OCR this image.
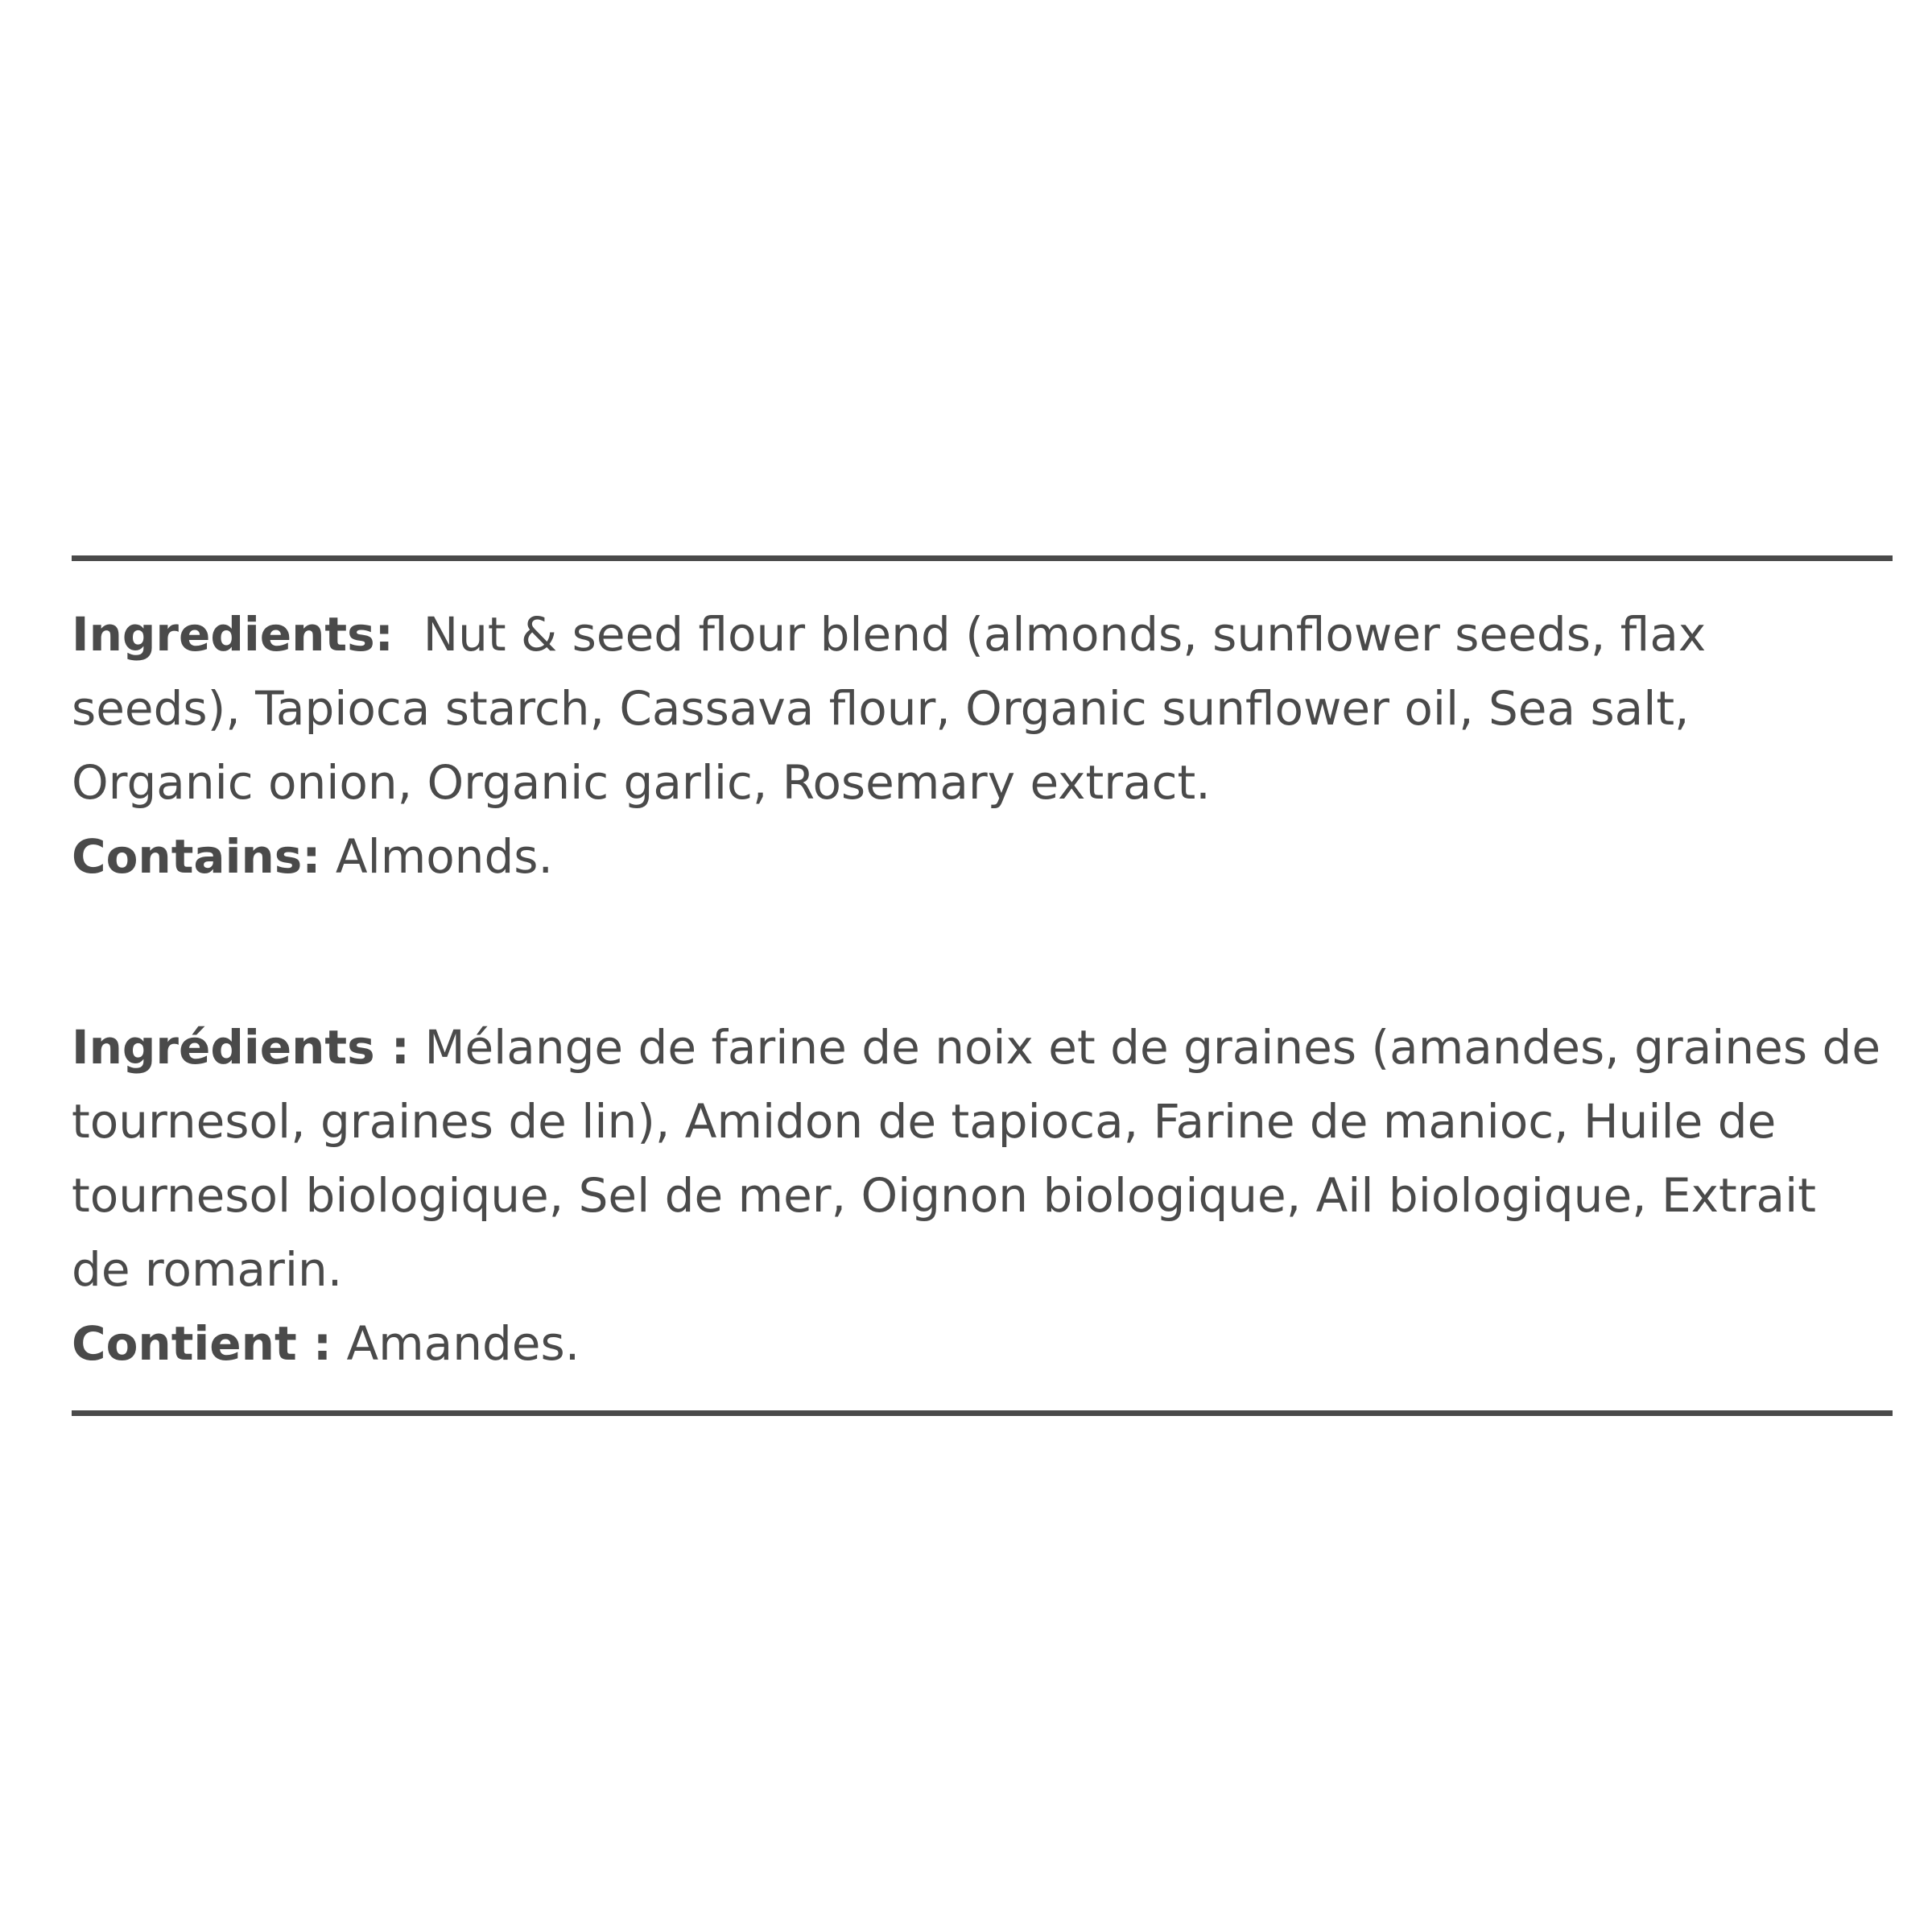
Ingredients: Nut & seed flour blend (almonds, sunflower seeds, flax
seeds), Tapioca starch, Cassava flour, Organic sunflower oil, Sea salt,
Organic onion, Organic garlic, Rosemary extract.

Contains: Almonds.

Ingrédients : Mélange de farine de noix et de graines (amandes, graines de
tournesol, graines de lin), Amidon de tapioca, Farine de manioc, Huile de
tournesol biologique, Sel de mer, Oignon biologique, Ail biologique, Extrait
de romarin.

Contient : Amandes.
